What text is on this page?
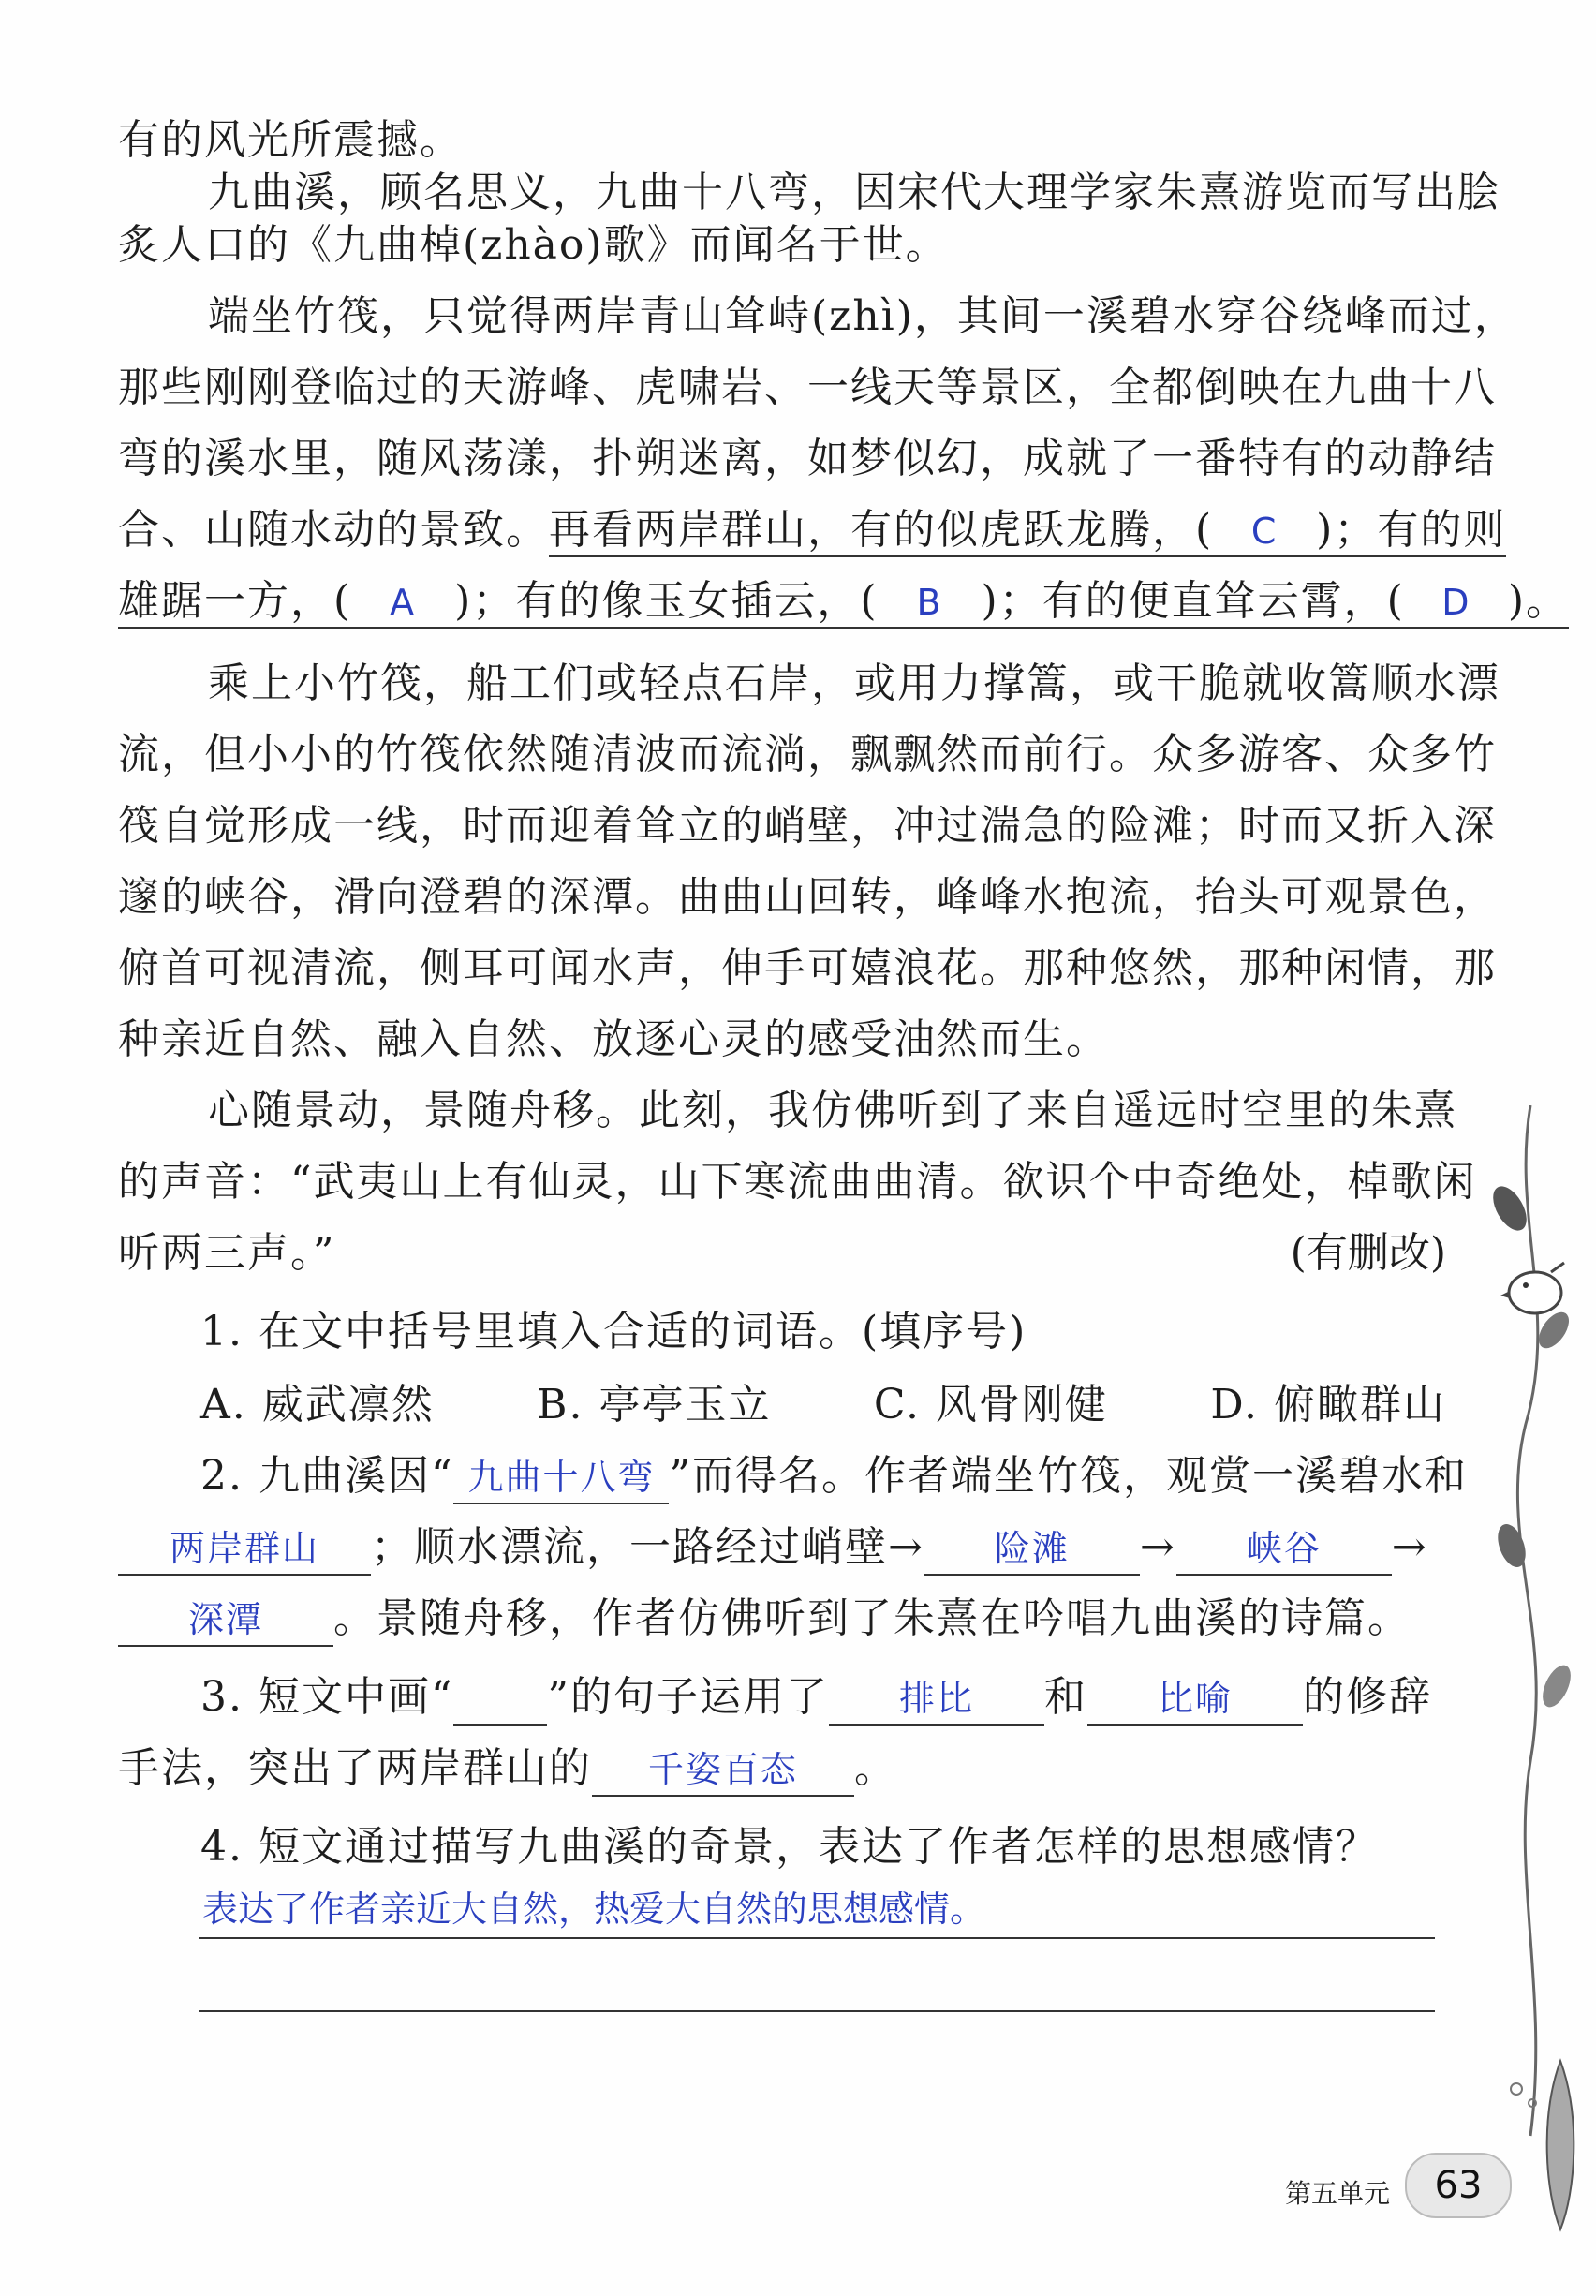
有的风光所震撼。
九曲溪，顾名思义，九曲十八弯，因宋代大理学家朱熹游览而写出脍
炙人口的《九曲棹(zhào)歌》而闻名于世。
端坐竹筏，只觉得两岸青山耸峙(zhì)，其间一溪碧水穿谷绕峰而过，
那些刚刚登临过的天游峰、虎啸岩、一线天等景区，全都倒映在九曲十八
弯的溪水里，随风荡漾，扑朔迷离，如梦似幻，成就了一番特有的动静结
合、山随水动的景致。再看两岸群山，有的似虎跃龙腾，( C )；有的则
雄踞一方，( A )；有的像玉女插云，( B )；有的便直耸云霄，( D )。
乘上小竹筏，船工们或轻点石岸，或用力撑篙，或干脆就收篙顺水漂
流，但小小的竹筏依然随清波而流淌，飘飘然而前行。众多游客、众多竹
筏自觉形成一线，时而迎着耸立的峭壁，冲过湍急的险滩；时而又折入深
邃的峡谷，滑向澄碧的深潭。曲曲山回转，峰峰水抱流，抬头可观景色，
俯首可视清流，侧耳可闻水声，伸手可嬉浪花。那种悠然，那种闲情，那
种亲近自然、融入自然、放逐心灵的感受油然而生。
心随景动，景随舟移。此刻，我仿佛听到了来自遥远时空里的朱熹
的声音：“武夷山上有仙灵，山下寒流曲曲清。欲识个中奇绝处，棹歌闲
听两三声。”	(有删改)
1. 在文中括号里填入合适的词语。(填序号)
A. 威武凛然 B. 亭亭玉立 C. 风骨刚健 D. 俯瞰群山
2. 九曲溪因“ 九曲十八弯 ”而得名。作者端坐竹筏，观赏一溪碧水和
两岸群山 ；顺水漂流，一路经过峭壁→ 险滩 → 峡谷 →
深潭 。景随舟移，作者仿佛听到了朱熹在吟唱九曲溪的诗篇。
3. 短文中画“ ”的句子运用了 排比 和 比喻 的修辞
手法，突出了两岸群山的 千姿百态 。
4. 短文通过描写九曲溪的奇景，表达了作者怎样的思想感情？
表达了作者亲近大自然，热爱大自然的思想感情。
第五单元	63
